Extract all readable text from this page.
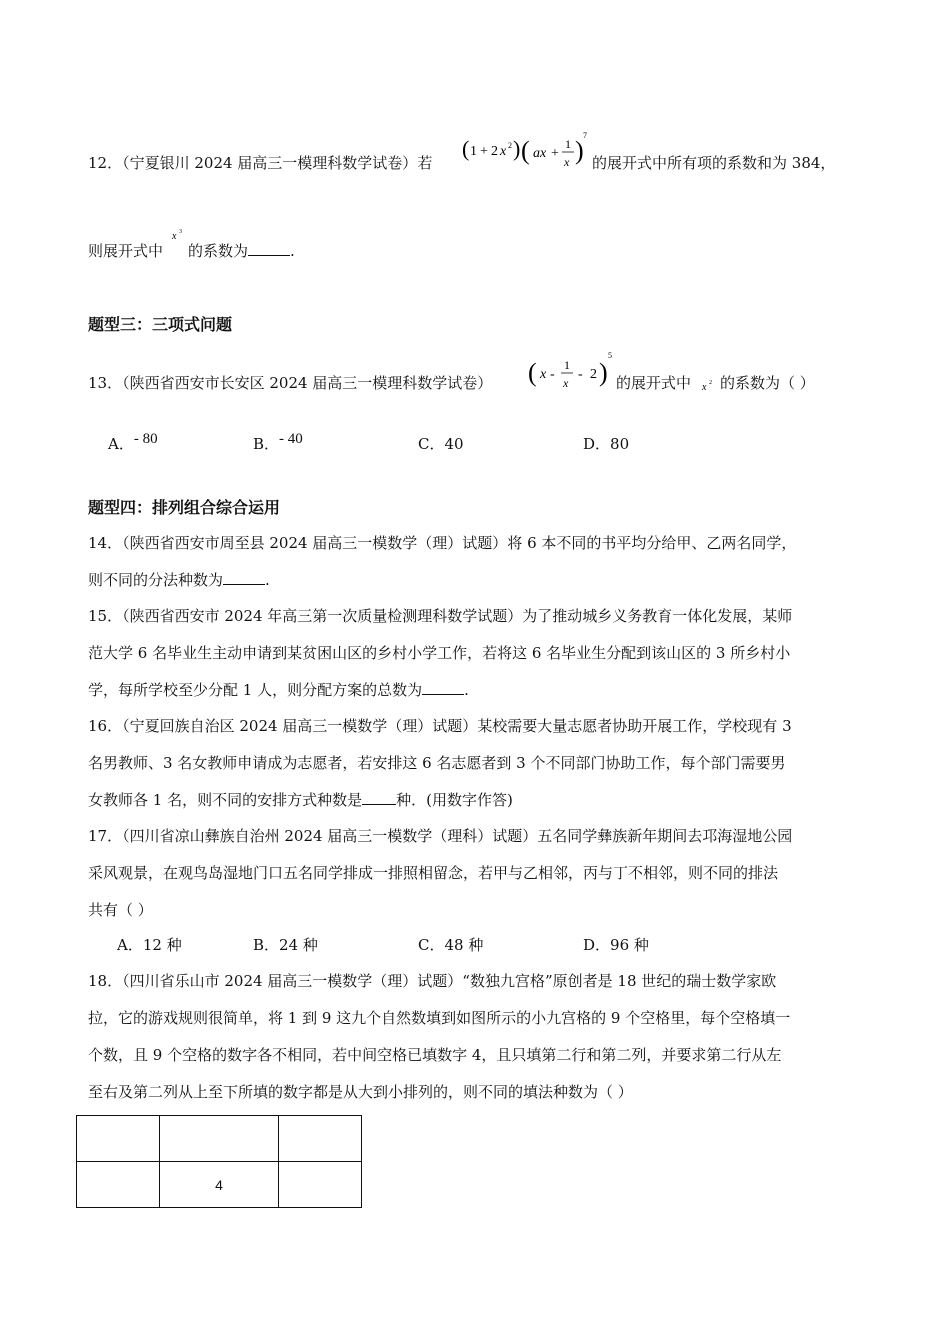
12．（宁夏银川 2024 届高三一模理科数学试卷）若
( 1 + 2 x 2 ) ( ax +
1
x )
7
的展开式中所有项的系数和为 384，
则展开式中
x 3
的系数为	.
题型三：三项式问题
13．（陕西省西安市长安区 2024 届高三一模理科数学试卷） ( x -
1
x
- 2 )
5
的展开式中 x 2 的系数为（ ）
A．- 80	B．- 40	C．40	D．80
题型四：排列组合综合运用
14．（陕西省西安市周至县 2024 届高三一模数学（理）试题）将 6 本不同的书平均分给甲、乙两名同学，
则不同的分法种数为	.
15．（陕西省西安市 2024 年高三第一次质量检测理科数学试题）为了推动城乡义务教育一体化发展，某师
范大学 6 名毕业生主动申请到某贫困山区的乡村小学工作，若将这 6 名毕业生分配到该山区的 3 所乡村小
学，每所学校至少分配 1 人，则分配方案的总数为	.
16．（宁夏回族自治区 2024 届高三一模数学（理）试题）某校需要大量志愿者协助开展工作，学校现有 3
名男教师、3 名女教师申请成为志愿者，若安排这 6 名志愿者到 3 个不同部门协助工作，每个部门需要男
女教师各 1 名，则不同的安排方式种数是 种．(用数字作答)
17．（四川省凉山彝族自治州 2024 届高三一模数学（理科）试题）五名同学彝族新年期间去邛海湿地公园
采风观景，在观鸟岛湿地门口五名同学排成一排照相留念，若甲与乙相邻，丙与丁不相邻，则不同的排法
共有（ ）
A．12 种	B．24 种	C．48 种	D．96 种
18．（四川省乐山市 2024 届高三一模数学（理）试题）“数独九宫格”原创者是 18 世纪的瑞士数学家欧
拉，它的游戏规则很简单，将 1 到 9 这九个自然数填到如图所示的小九宫格的 9 个空格里，每个空格填一
个数，且 9 个空格的数字各不相同，若中间空格已填数字 4，且只填第二行和第二列，并要求第二行从左
至右及第二列从上至下所填的数字都是从大到小排列的，则不同的填法种数为（ ）

	4	
